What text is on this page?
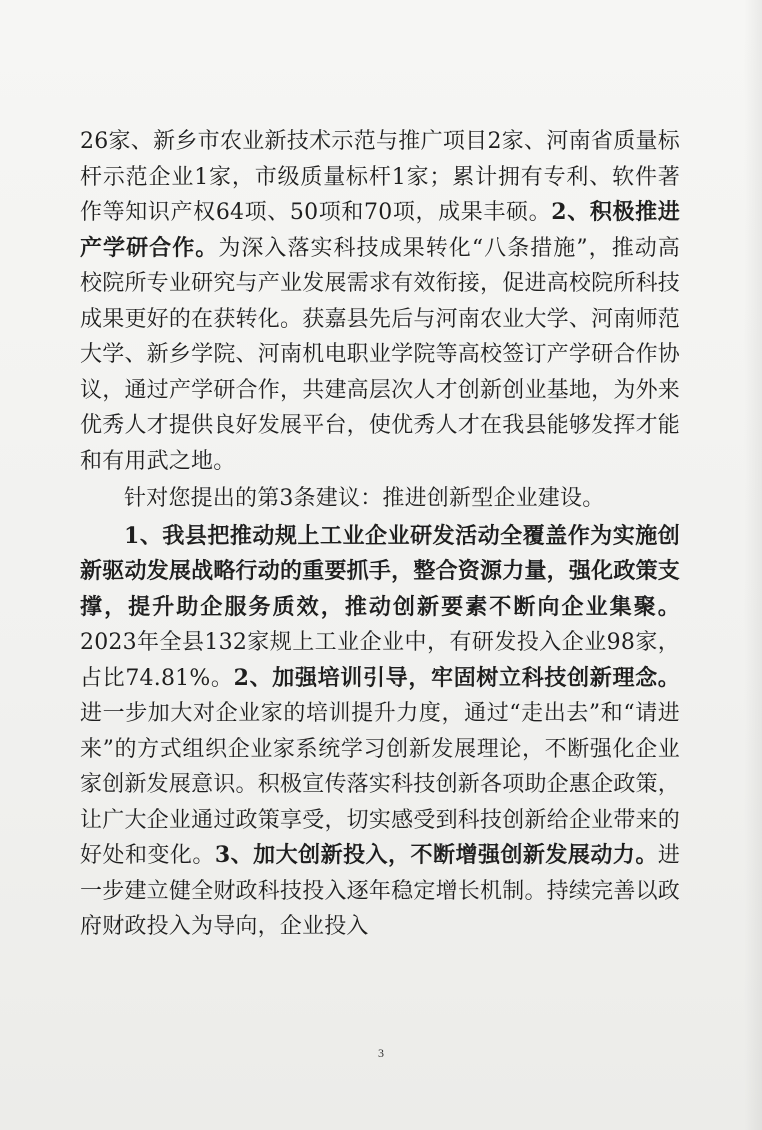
26家、新乡市农业新技术示范与推广项目2家、河南省质量标杆示范企业1家，市级质量标杆1家；累计拥有专利、软件著作等知识产权64项、50项和70项，成果丰硕。2、积极推进产学研合作。为深入落实科技成果转化“八条措施”，推动高校院所专业研究与产业发展需求有效衔接，促进高校院所科技成果更好的在获转化。获嘉县先后与河南农业大学、河南师范大学、新乡学院、河南机电职业学院等高校签订产学研合作协议，通过产学研合作，共建高层次人才创新创业基地，为外来优秀人才提供良好发展平台，使优秀人才在我县能够发挥才能和有用武之地。

针对您提出的第3条建议：推进创新型企业建设。

1、我县把推动规上工业企业研发活动全覆盖作为实施创新驱动发展战略行动的重要抓手，整合资源力量，强化政策支撑，提升助企服务质效，推动创新要素不断向企业集聚。2023年全县132家规上工业企业中，有研发投入企业98家，占比74.81%。2、加强培训引导，牢固树立科技创新理念。进一步加大对企业家的培训提升力度，通过“走出去”和“请进来”的方式组织企业家系统学习创新发展理论，不断强化企业家创新发展意识。积极宣传落实科技创新各项助企惠企政策，让广大企业通过政策享受，切实感受到科技创新给企业带来的好处和变化。3、加大创新投入，不断增强创新发展动力。进一步建立健全财政科技投入逐年稳定增长机制。持续完善以政府财政投入为导向，企业投入

3
